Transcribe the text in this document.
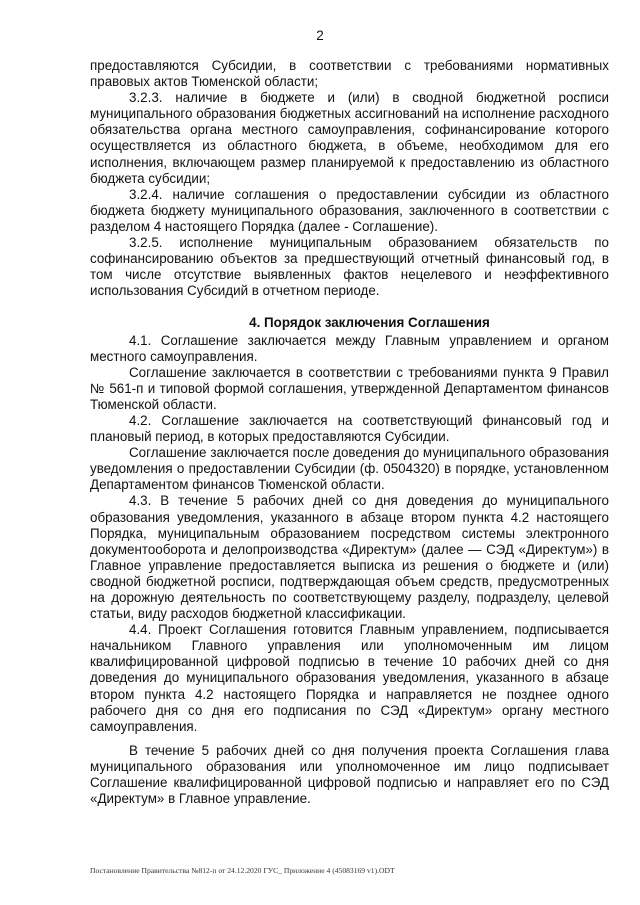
2

предоставляются Субсидии, в соответствии с требованиями нормативных правовых актов Тюменской области;

3.2.3. наличие в бюджете и (или) в сводной бюджетной росписи муниципального образования бюджетных ассигнований на исполнение расходного обязательства органа местного самоуправления, софинансирование которого осуществляется из областного бюджета, в объеме, необходимом для его исполнения, включающем размер планируемой к предоставлению из областного бюджета субсидии;

3.2.4. наличие соглашения о предоставлении субсидии из областного бюджета бюджету муниципального образования, заключенного в соответствии с разделом 4 настоящего Порядка (далее - Соглашение).

3.2.5. исполнение муниципальным образованием обязательств по софинансированию объектов за предшествующий отчетный финансовый год, в том числе отсутствие выявленных фактов нецелевого и неэффективного использования Субсидий в отчетном периоде.

4. Порядок заключения Соглашения

4.1. Соглашение заключается между Главным управлением и органом местного самоуправления.

Соглашение заключается в соответствии с требованиями пункта 9 Правил № 561-п и типовой формой соглашения, утвержденной Департаментом финансов Тюменской области.

4.2. Соглашение заключается на соответствующий финансовый год и плановый период, в которых предоставляются Субсидии.

Соглашение заключается после доведения до муниципального образования уведомления о предоставлении Субсидии (ф. 0504320) в порядке, установленном Департаментом финансов Тюменской области.

4.3. В течение 5 рабочих дней со дня доведения до муниципального образования уведомления, указанного в абзаце втором пункта 4.2 настоящего Порядка, муниципальным образованием посредством системы электронного документооборота и делопроизводства «Директум» (далее — СЭД «Директум») в Главное управление предоставляется выписка из решения о бюджете и (или) сводной бюджетной росписи, подтверждающая объем средств, предусмотренных на дорожную деятельность по соответствующему разделу, подразделу, целевой статьи, виду расходов бюджетной классификации.

4.4. Проект Соглашения готовится Главным управлением, подписывается начальником Главного управления или уполномоченным им лицом квалифицированной цифровой подписью в течение 10 рабочих дней со дня доведения до муниципального образования уведомления, указанного в абзаце втором пункта 4.2 настоящего Порядка и направляется не позднее одного рабочего дня со дня его подписания по СЭД «Директум» органу местного самоуправления.

В течение 5 рабочих дней со дня получения проекта Соглашения глава муниципального образования или уполномоченное им лицо подписывает Соглашение квалифицированной цифровой подписью и направляет его по СЭД «Директум» в Главное управление.

Постановление Правительства №812-п от 24.12.2020 ГУС_ Приложение 4 (45083169 v1).ODT
